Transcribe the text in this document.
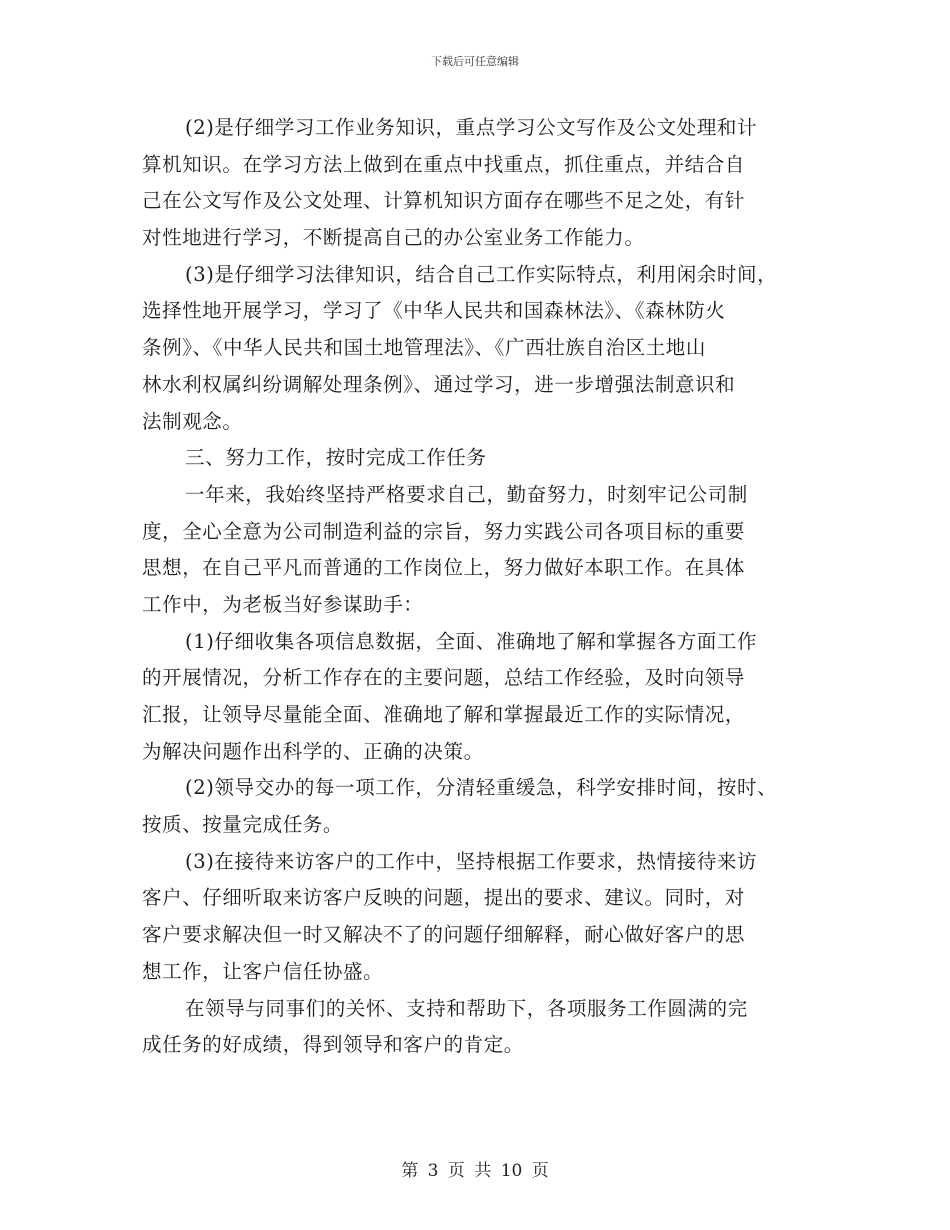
下载后可任意编辑
(2)是仔细学习工作业务知识，重点学习公文写作及公文处理和计
算机知识。在学习方法上做到在重点中找重点，抓住重点，并结合自
己在公文写作及公文处理、计算机知识方面存在哪些不足之处，有针
对性地进行学习，不断提高自己的办公室业务工作能力。
(3)是仔细学习法律知识，结合自己工作实际特点，利用闲余时间，
选择性地开展学习，学习了《中华人民共和国森林法》、《森林防火
条例》、《中华人民共和国土地管理法》、《广西壮族自治区土地山
林水利权属纠纷调解处理条例》、通过学习，进一步增强法制意识和
法制观念。
三、努力工作，按时完成工作任务
一年来，我始终坚持严格要求自己，勤奋努力，时刻牢记公司制
度，全心全意为公司制造利益的宗旨，努力实践公司各项目标的重要
思想，在自己平凡而普通的工作岗位上，努力做好本职工作。在具体
工作中，为老板当好参谋助手：
(1)仔细收集各项信息数据，全面、准确地了解和掌握各方面工作
的开展情况，分析工作存在的主要问题，总结工作经验，及时向领导
汇报，让领导尽量能全面、准确地了解和掌握最近工作的实际情况，
为解决问题作出科学的、正确的决策。
(2)领导交办的每一项工作，分清轻重缓急，科学安排时间，按时、
按质、按量完成任务。
(3)在接待来访客户的工作中，坚持根据工作要求，热情接待来访
客户、仔细听取来访客户反映的问题，提出的要求、建议。同时，对
客户要求解决但一时又解决不了的问题仔细解释，耐心做好客户的思
想工作，让客户信任协盛。
在领导与同事们的关怀、支持和帮助下，各项服务工作圆满的完
成任务的好成绩，得到领导和客户的肯定。
第 3 页 共 10 页
